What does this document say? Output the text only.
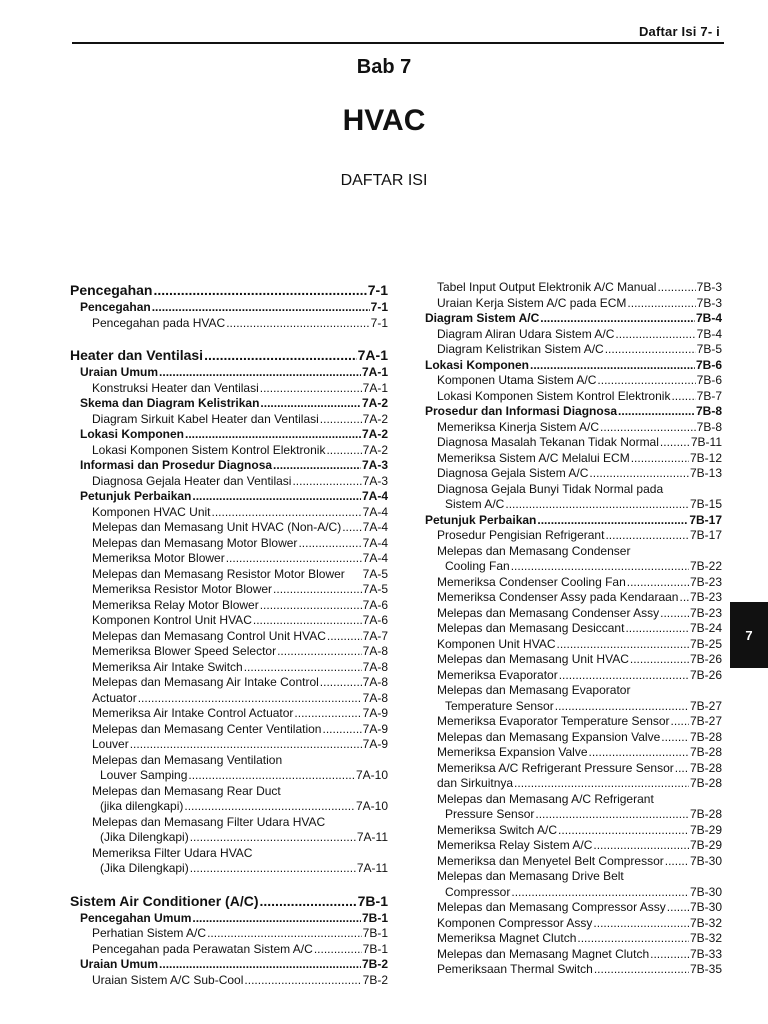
Daftar Isi 7- i
Bab 7
HVAC
DAFTAR ISI
Pencegahan .....	7-1
Pencegahan .....	7-1
Pencegahan pada HVAC .....	7-1
Heater dan Ventilasi .....	7A-1
Uraian Umum .....	7A-1
Konstruksi Heater dan Ventilasi .....	7A-1
Skema dan Diagram Kelistrikan .....	7A-2
Diagram Sirkuit Kabel Heater dan Ventilasi .....	7A-2
Lokasi Komponen .....	7A-2
Lokasi Komponen Sistem Kontrol Elektronik .....	7A-2
Informasi dan Prosedur Diagnosa .....	7A-3
Diagnosa Gejala Heater dan Ventilasi .....	7A-3
Petunjuk Perbaikan .....	7A-4
Komponen HVAC Unit .....	7A-4
Melepas dan Memasang Unit HVAC (Non-A/C) ..... 7A-4
Melepas dan Memasang Motor Blower .....	7A-4
Memeriksa Motor Blower .....	7A-4
Melepas dan Memasang Resistor Motor Blower 7A-5
Memeriksa Resistor Motor Blower .....	7A-5
Memeriksa Relay Motor Blower .....	7A-6
Komponen Kontrol Unit HVAC .....	7A-6
Melepas dan Memasang Control Unit HVAC .....	7A-7
Memeriksa Blower Speed Selector .....	7A-8
Memeriksa Air Intake Switch .....	7A-8
Melepas dan Memasang Air Intake Control .....	7A-8
Actuator .....	7A-8
Memeriksa Air Intake Control Actuator .....	7A-9
Melepas dan Memasang Center Ventilation .....	7A-9
Louver .....	7A-9
Melepas dan Memasang Ventilation
Louver Samping .....	7A-10
Melepas dan Memasang Rear Duct
(jika dilengkapi) .....	7A-10
Melepas dan Memasang Filter Udara HVAC
(Jika Dilengkapi) .....	7A-11
Memeriksa Filter Udara HVAC
(Jika Dilengkapi) .....	7A-11
Sistem Air Conditioner (A/C) .....	7B-1
Pencegahan Umum .....	7B-1
Perhatian Sistem A/C .....	7B-1
Pencegahan pada Perawatan Sistem A/C .....	7B-1
Uraian Umum .....	7B-2
Uraian Sistem A/C Sub-Cool .....	7B-2
Tabel Input Output Elektronik A/C Manual .....	7B-3
Uraian Kerja Sistem A/C pada ECM .....	7B-3
Diagram Sistem A/C .....	7B-4
Diagram Aliran Udara Sistem A/C .....	7B-4
Diagram Kelistrikan Sistem A/C .....	7B-5
Lokasi Komponen .....	7B-6
Komponen Utama Sistem A/C .....	7B-6
Lokasi Komponen Sistem Kontrol Elektronik ..... 7B-7
Prosedur dan Informasi Diagnosa .....	7B-8
Memeriksa Kinerja Sistem A/C .....	7B-8
Diagnosa Masalah Tekanan Tidak Normal .....	7B-11
Memeriksa Sistem A/C Melalui ECM .....	7B-12
Diagnosa Gejala Sistem A/C .....	7B-13
Diagnosa Gejala Bunyi Tidak Normal pada
Sistem A/C .....	7B-15
Petunjuk Perbaikan .....	7B-17
Prosedur Pengisian Refrigerant .....	7B-17
Melepas dan Memasang Condenser
Cooling Fan .....	7B-22
Memeriksa Condenser Cooling Fan .....	7B-23
Memeriksa Condenser Assy pada Kendaraan ..... 7B-23
Melepas dan Memasang Condenser Assy .....	7B-23
Melepas dan Memasang Desiccant .....	7B-24
Komponen Unit HVAC .....	7B-25
Melepas dan Memasang Unit HVAC .....	7B-26
Memeriksa Evaporator .....	7B-26
Melepas dan Memasang Evaporator
Temperature Sensor .....	7B-27
Memeriksa Evaporator Temperature Sensor ..... 7B-27
Melepas dan Memasang Expansion Valve ..... 7B-28
Memeriksa Expansion Valve .....	7B-28
Memeriksa A/C Refrigerant Pressure Sensor ..... 7B-28
dan Sirkuitnya .....	7B-28
Melepas dan Memasang A/C Refrigerant
Pressure Sensor .....	7B-28
Memeriksa Switch A/C .....	7B-29
Memeriksa Relay Sistem A/C .....	7B-29
Memeriksa dan Menyetel Belt Compressor ..... 7B-30
Melepas dan Memasang Drive Belt
Compressor .....	7B-30
Melepas dan Memasang Compressor Assy ..... 7B-30
Komponen Compressor Assy .....	7B-32
Memeriksa Magnet Clutch .....	7B-32
Melepas dan Memasang Magnet Clutch .....	7B-33
Pemeriksaan Thermal Switch .....	7B-35
7
